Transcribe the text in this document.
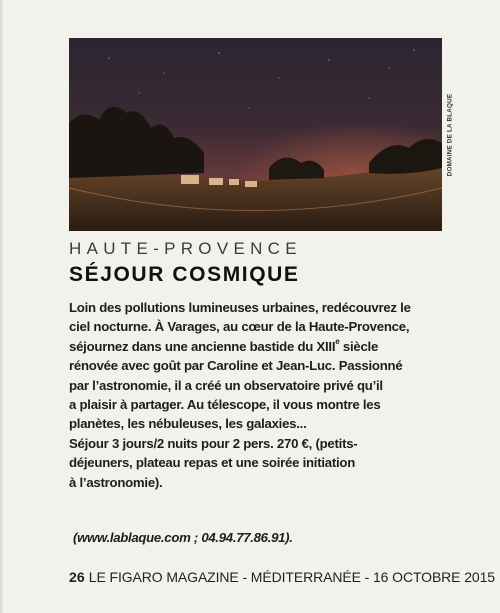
DOMAINE DE LA BLAQUE
HAUTE-PROVENCE
SÉJOUR COSMIQUE
Loin des pollutions lumineuses urbaines, redécouvrez le
ciel nocturne. À Varages, au cœur de la Haute-Provence,
séjournez dans une ancienne bastide du XIIIe siècle
rénovée avec goût par Caroline et Jean-Luc. Passionné
par l’astronomie, il a créé un observatoire privé qu’il
a plaisir à partager. Au télescope, il vous montre les
planètes, les nébuleuses, les galaxies...
Séjour 3 jours/2 nuits pour 2 pers. 270 €, (petits-
déjeuners, plateau repas et une soirée initiation
à l’astronomie).
(www.lablaque.com ; 04.94.77.86.91).
26 LE FIGARO MAGAZINE - MÉDITERRANÉE - 16 OCTOBRE 2015
